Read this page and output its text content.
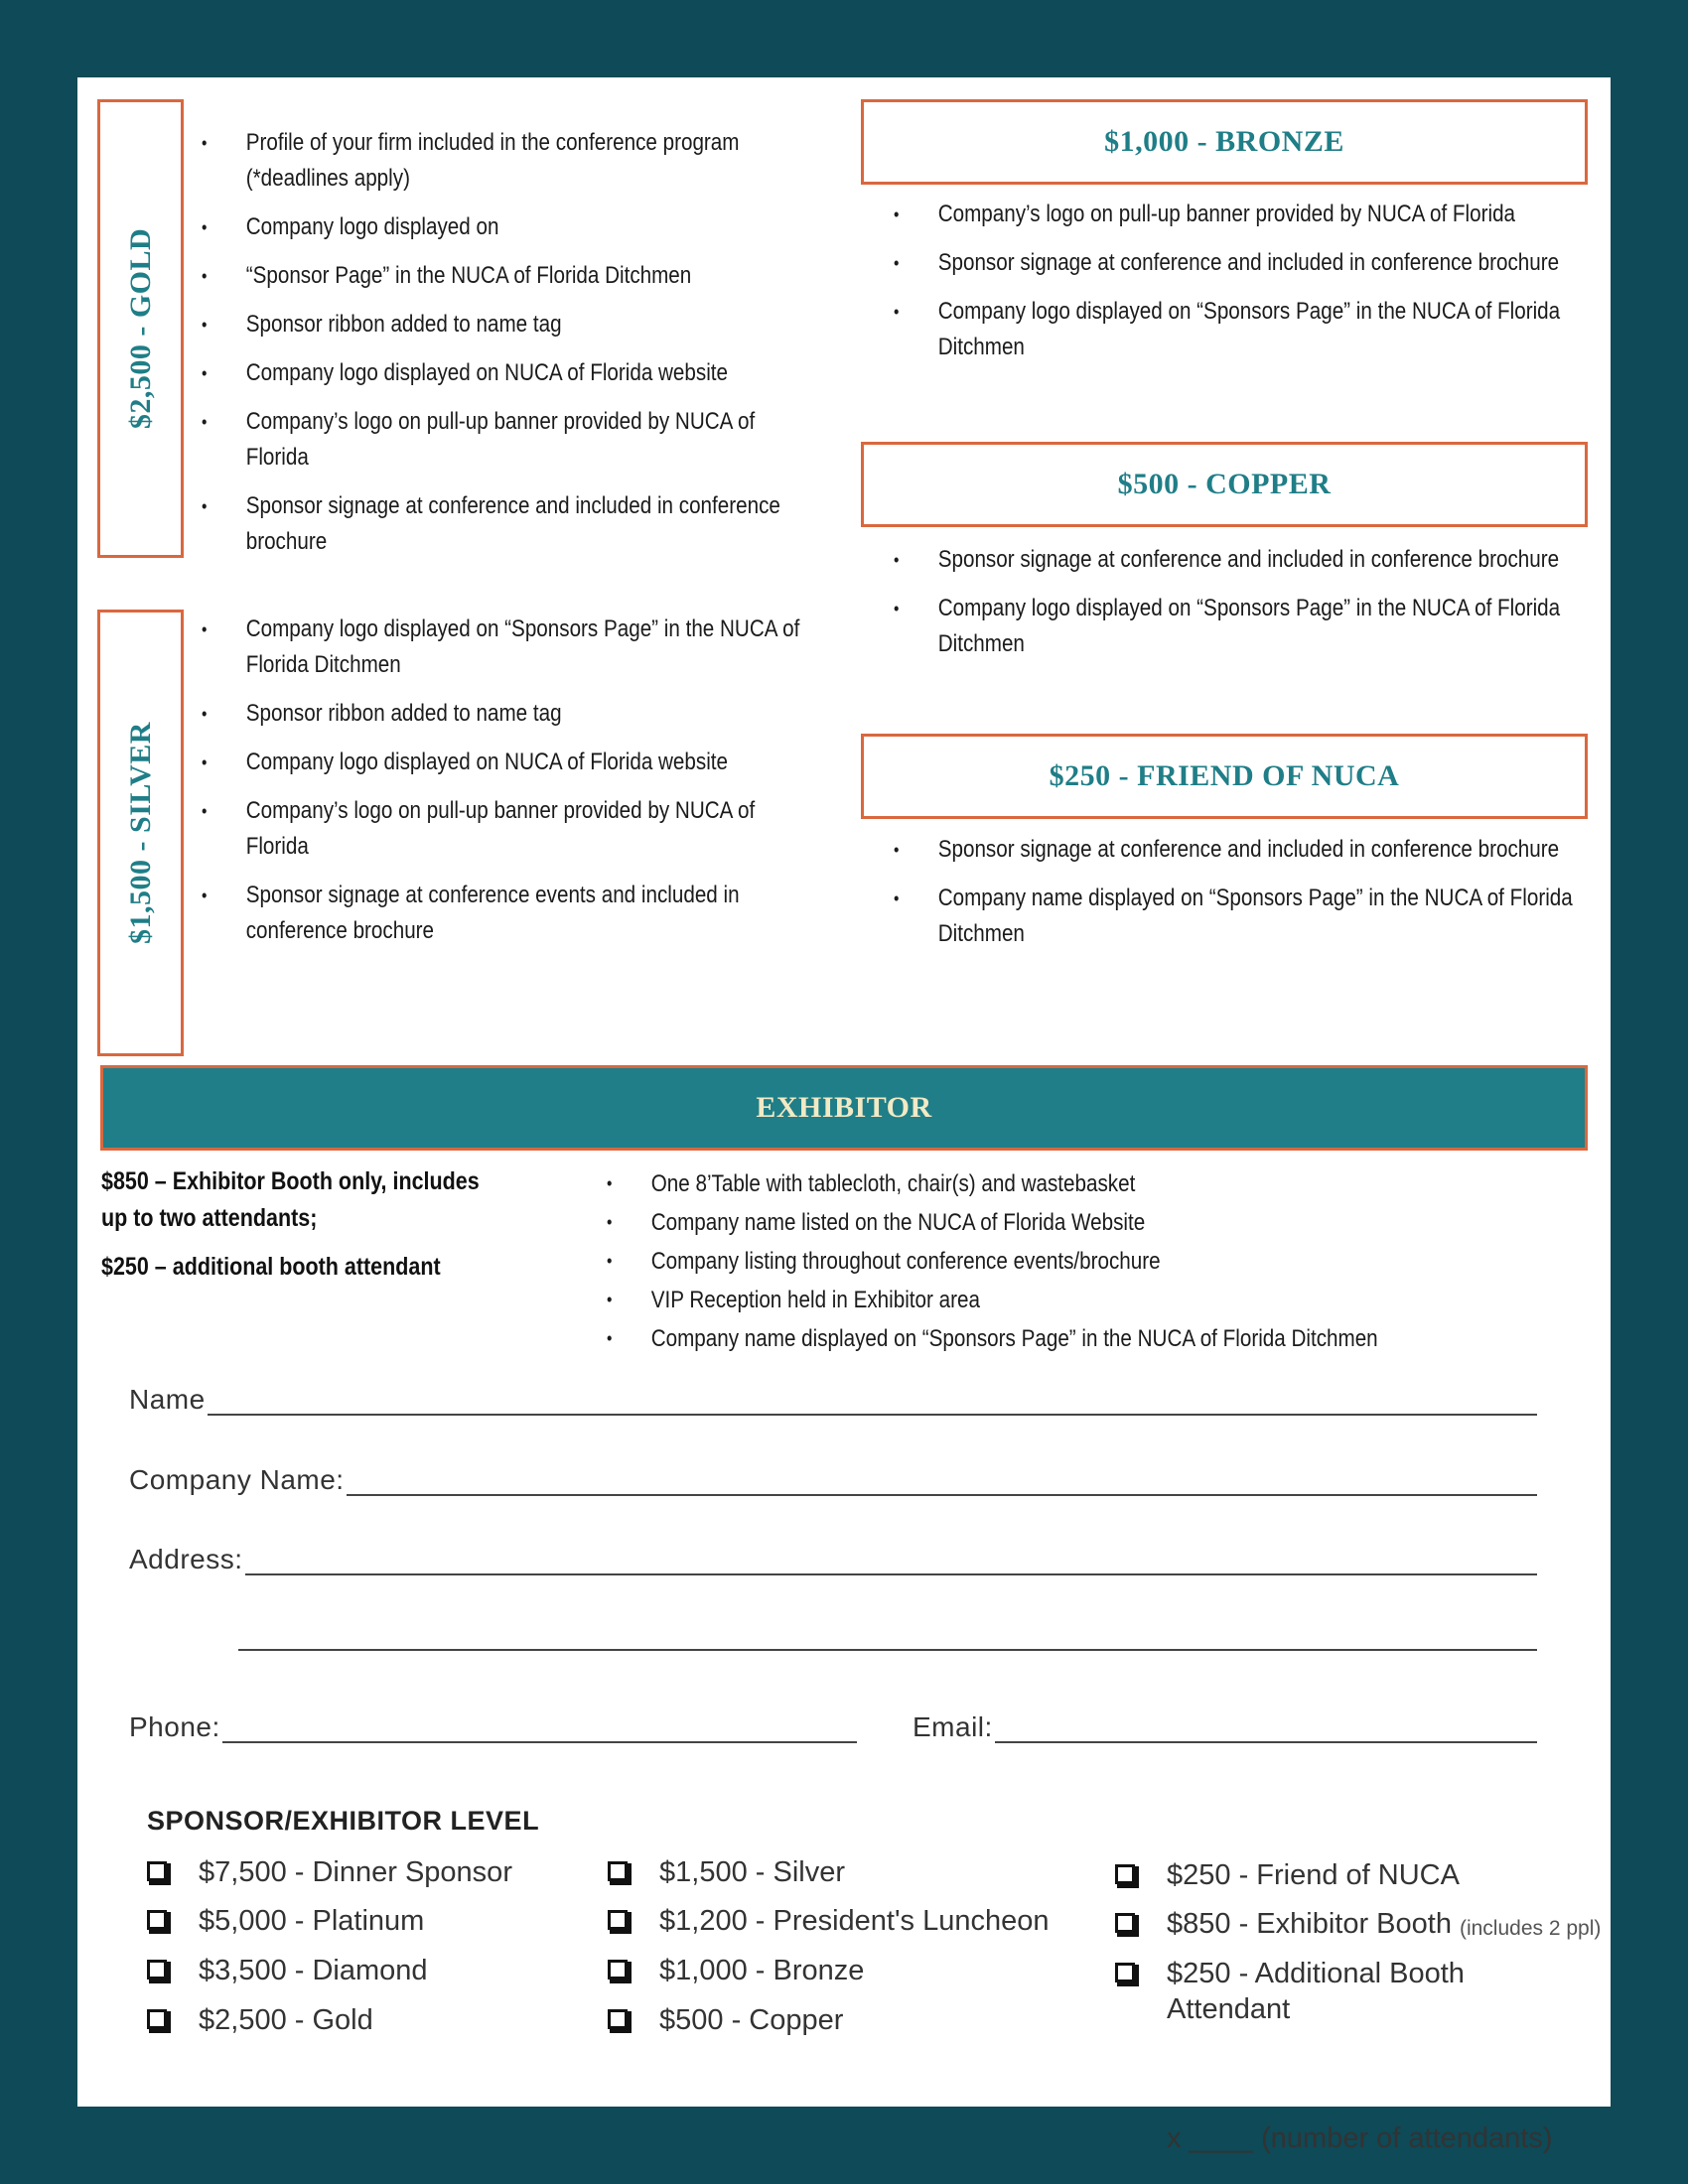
$2,500 - GOLD
• Profile of your firm included in the conference program (*deadlines apply)
• Company logo displayed on
• “Sponsor Page” in the NUCA of Florida Ditchmen
• Sponsor ribbon added to name tag
• Company logo displayed on NUCA of Florida website
• Company’s logo on pull-up banner provided by NUCA of Florida
• Sponsor signage at conference and included in conference brochure
$1,500 - SILVER
• Company logo displayed on “Sponsors Page” in the NUCA of Florida Ditchmen
• Sponsor ribbon added to name tag
• Company logo displayed on NUCA of Florida website
• Company’s logo on pull-up banner provided by NUCA of Florida
• Sponsor signage at conference events and included in conference brochure
$1,000 - BRONZE
• Company’s logo on pull-up banner provided by NUCA of Florida
• Sponsor signage at conference and included in conference brochure
• Company logo displayed on “Sponsors Page” in the NUCA of Florida Ditchmen
$500 - COPPER
• Sponsor signage at conference and included in conference brochure
• Company logo displayed on “Sponsors Page” in the NUCA of Florida Ditchmen
$250 - FRIEND OF NUCA
• Sponsor signage at conference and included in conference brochure
• Company name displayed on “Sponsors Page” in the NUCA of Florida Ditchmen
EXHIBITOR
$850 – Exhibitor Booth only, includes up to two attendants;
$250 – additional booth attendant
• One 8’Table with tablecloth, chair(s) and wastebasket
• Company name listed on the NUCA of Florida Website
• Company listing throughout conference events/brochure
• VIP Reception held in Exhibitor area
• Company name displayed on “Sponsors Page” in the NUCA of Florida Ditchmen
Name
Company Name:
Address:
Phone:	Email:
SPONSOR/EXHIBITOR LEVEL
$7,500 - Dinner Sponsor
$5,000 - Platinum
$3,500 - Diamond
$2,500 - Gold
$1,500 - Silver
$1,200 - President's Luncheon
$1,000 - Bronze
$500 - Copper
$250 - Friend of NUCA
$850 - Exhibitor Booth (includes 2 ppl)
$250 - Additional Booth Attendant
x ____ (number of attendants)
